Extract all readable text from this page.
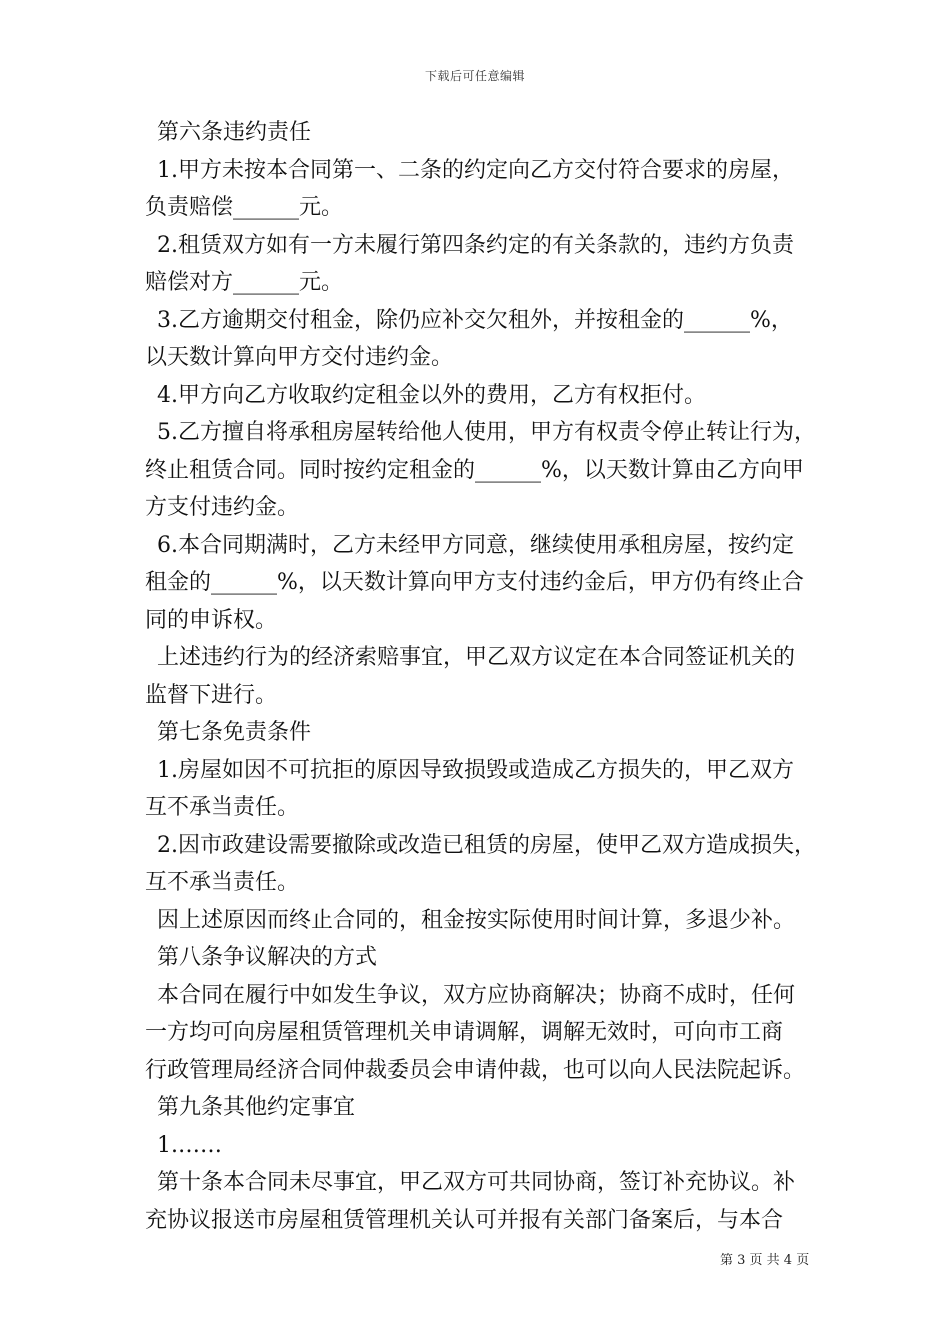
下载后可任意编辑
第六条违约责任
1.甲方未按本合同第一、二条的约定向乙方交付符合要求的房屋，
负责赔偿______元。
2.租赁双方如有一方未履行第四条约定的有关条款的，违约方负责
赔偿对方______元。
3.乙方逾期交付租金，除仍应补交欠租外，并按租金的______%，
以天数计算向甲方交付违约金。
4.甲方向乙方收取约定租金以外的费用，乙方有权拒付。
5.乙方擅自将承租房屋转给他人使用，甲方有权责令停止转让行为，
终止租赁合同。同时按约定租金的______%，以天数计算由乙方向甲
方支付违约金。
6.本合同期满时，乙方未经甲方同意，继续使用承租房屋，按约定
租金的______%，以天数计算向甲方支付违约金后，甲方仍有终止合
同的申诉权。
上述违约行为的经济索赔事宜，甲乙双方议定在本合同签证机关的
监督下进行。
第七条免责条件
1.房屋如因不可抗拒的原因导致损毁或造成乙方损失的，甲乙双方
互不承当责任。
2.因市政建设需要撤除或改造已租赁的房屋，使甲乙双方造成损失，
互不承当责任。
因上述原因而终止合同的，租金按实际使用时间计算，多退少补。
第八条争议解决的方式
本合同在履行中如发生争议，双方应协商解决；协商不成时，任何
一方均可向房屋租赁管理机关申请调解，调解无效时，可向市工商
行政管理局经济合同仲裁委员会申请仲裁，也可以向人民法院起诉。
第九条其他约定事宜
1.……
第十条本合同未尽事宜，甲乙双方可共同协商，签订补充协议。补
充协议报送市房屋租赁管理机关认可并报有关部门备案后，与本合
第 3 页 共 4 页
